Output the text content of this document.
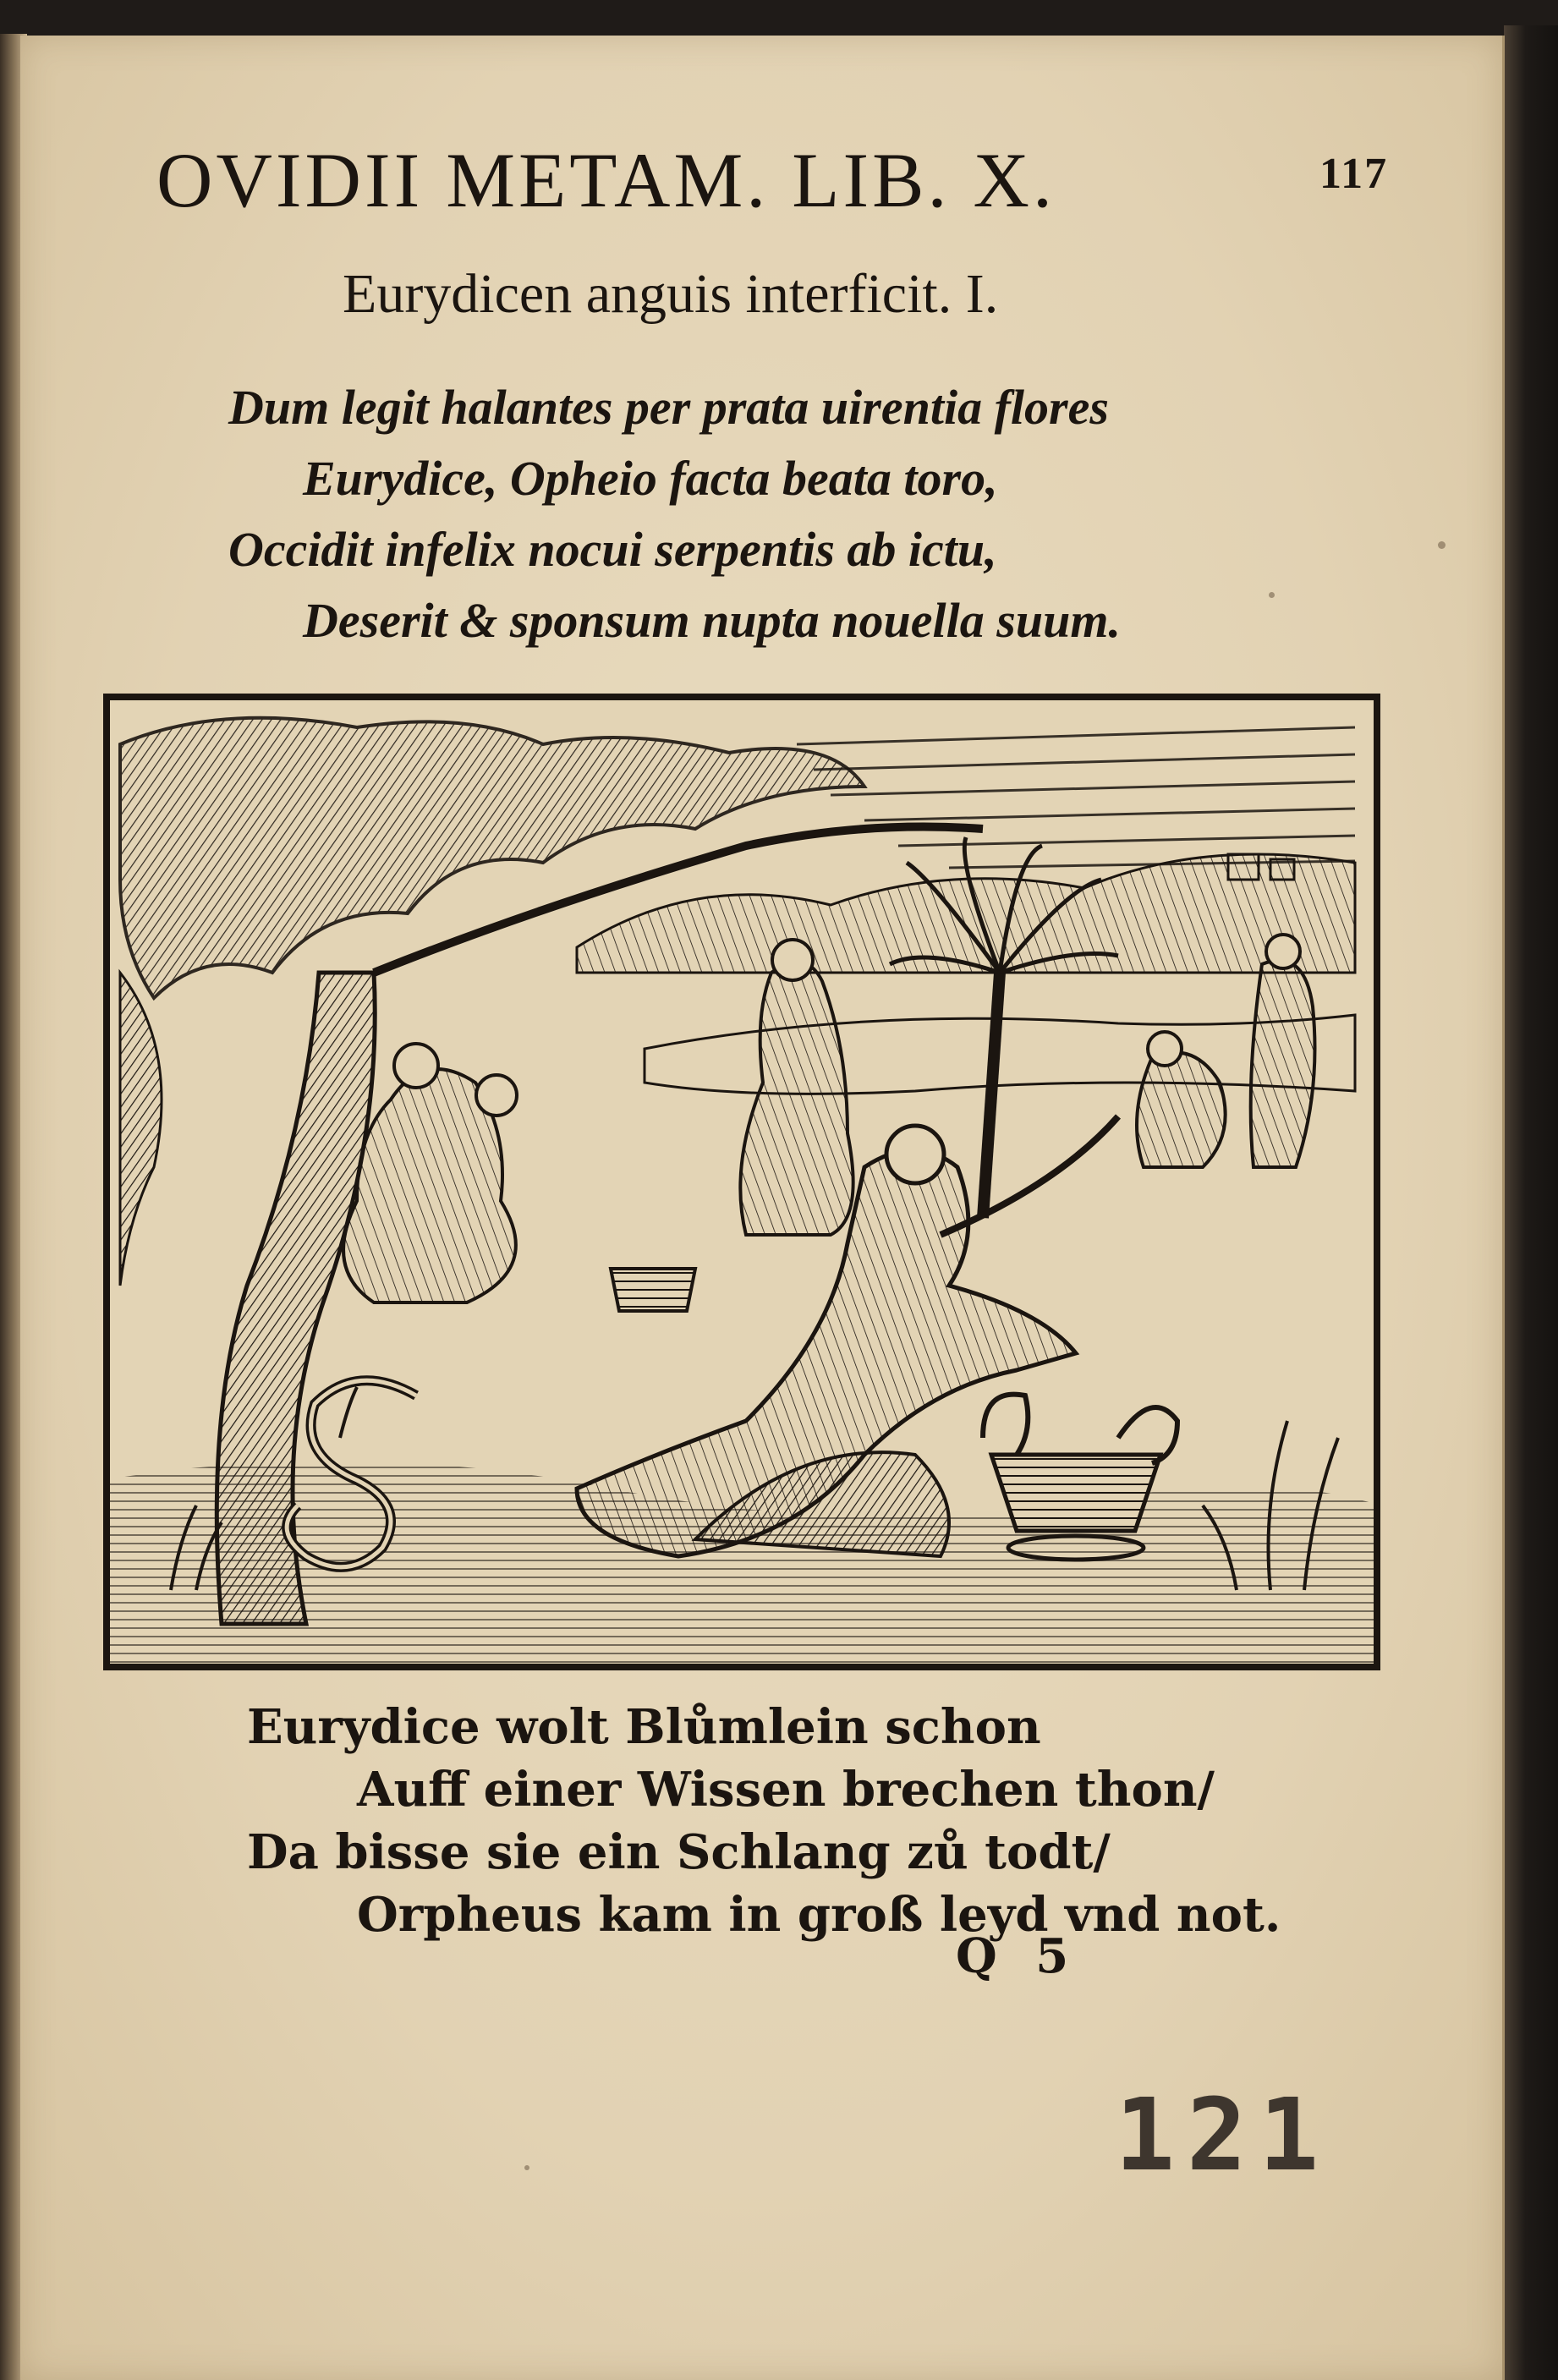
OVIDII METAM. LIB. X.	117
Eurydicen anguis interficit. I.
Dum legit halantes per prata uirentia flores
Eurydice, Opheio facta beata toro,
Occidit infelix nocui serpentis ab ictu,
Deserit & sponsum nupta nouella suum.
Eurydice wolt Blůmlein schon
Auff einer Wissen brechen thon/
Da bisse sie ein Schlang zů todt/
Orpheus kam in groß leyd vnd not.
Q 5
121
